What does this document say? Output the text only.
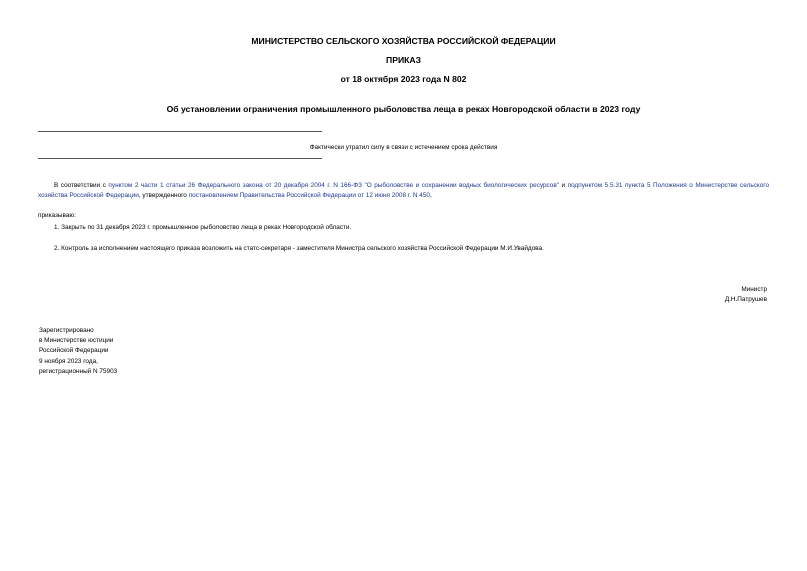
МИНИСТЕРСТВО СЕЛЬСКОГО ХОЗЯЙСТВА РОССИЙСКОЙ ФЕДЕРАЦИИ
ПРИКАЗ
от 18 октября 2023 года N 802
Об установлении ограничения промышленного рыболовства леща в реках Новгородской области в 2023 году
Фактически утратил силу в связи с истечением срока действия
В соответствии с пунктом 2 части 1 статьи 26 Федерального закона от 20 декабря 2004 г. N 166-ФЗ "О рыболовстве и сохранении водных биологических ресурсов" и подпунктом 5.5.31 пункта 5 Положения о Министерстве сельского хозяйства Российской Федерации, утвержденного постановлением Правительства Российской Федерации от 12 июня 2008 г. N 450,
приказываю:
1. Закрыть по 31 декабря 2023 г. промышленное рыболовство леща в реках Новгородской области.
2. Контроль за исполнением настоящего приказа возложить на статс-секретаря - заместителя Министра сельского хозяйства Российской Федерации М.И.Увайдова.
Министр
Д.Н.Патрушев
Зарегистрировано
в Министерстве юстиции
Российской Федерации
9 ноября 2023 года,
регистрационный N 75903
